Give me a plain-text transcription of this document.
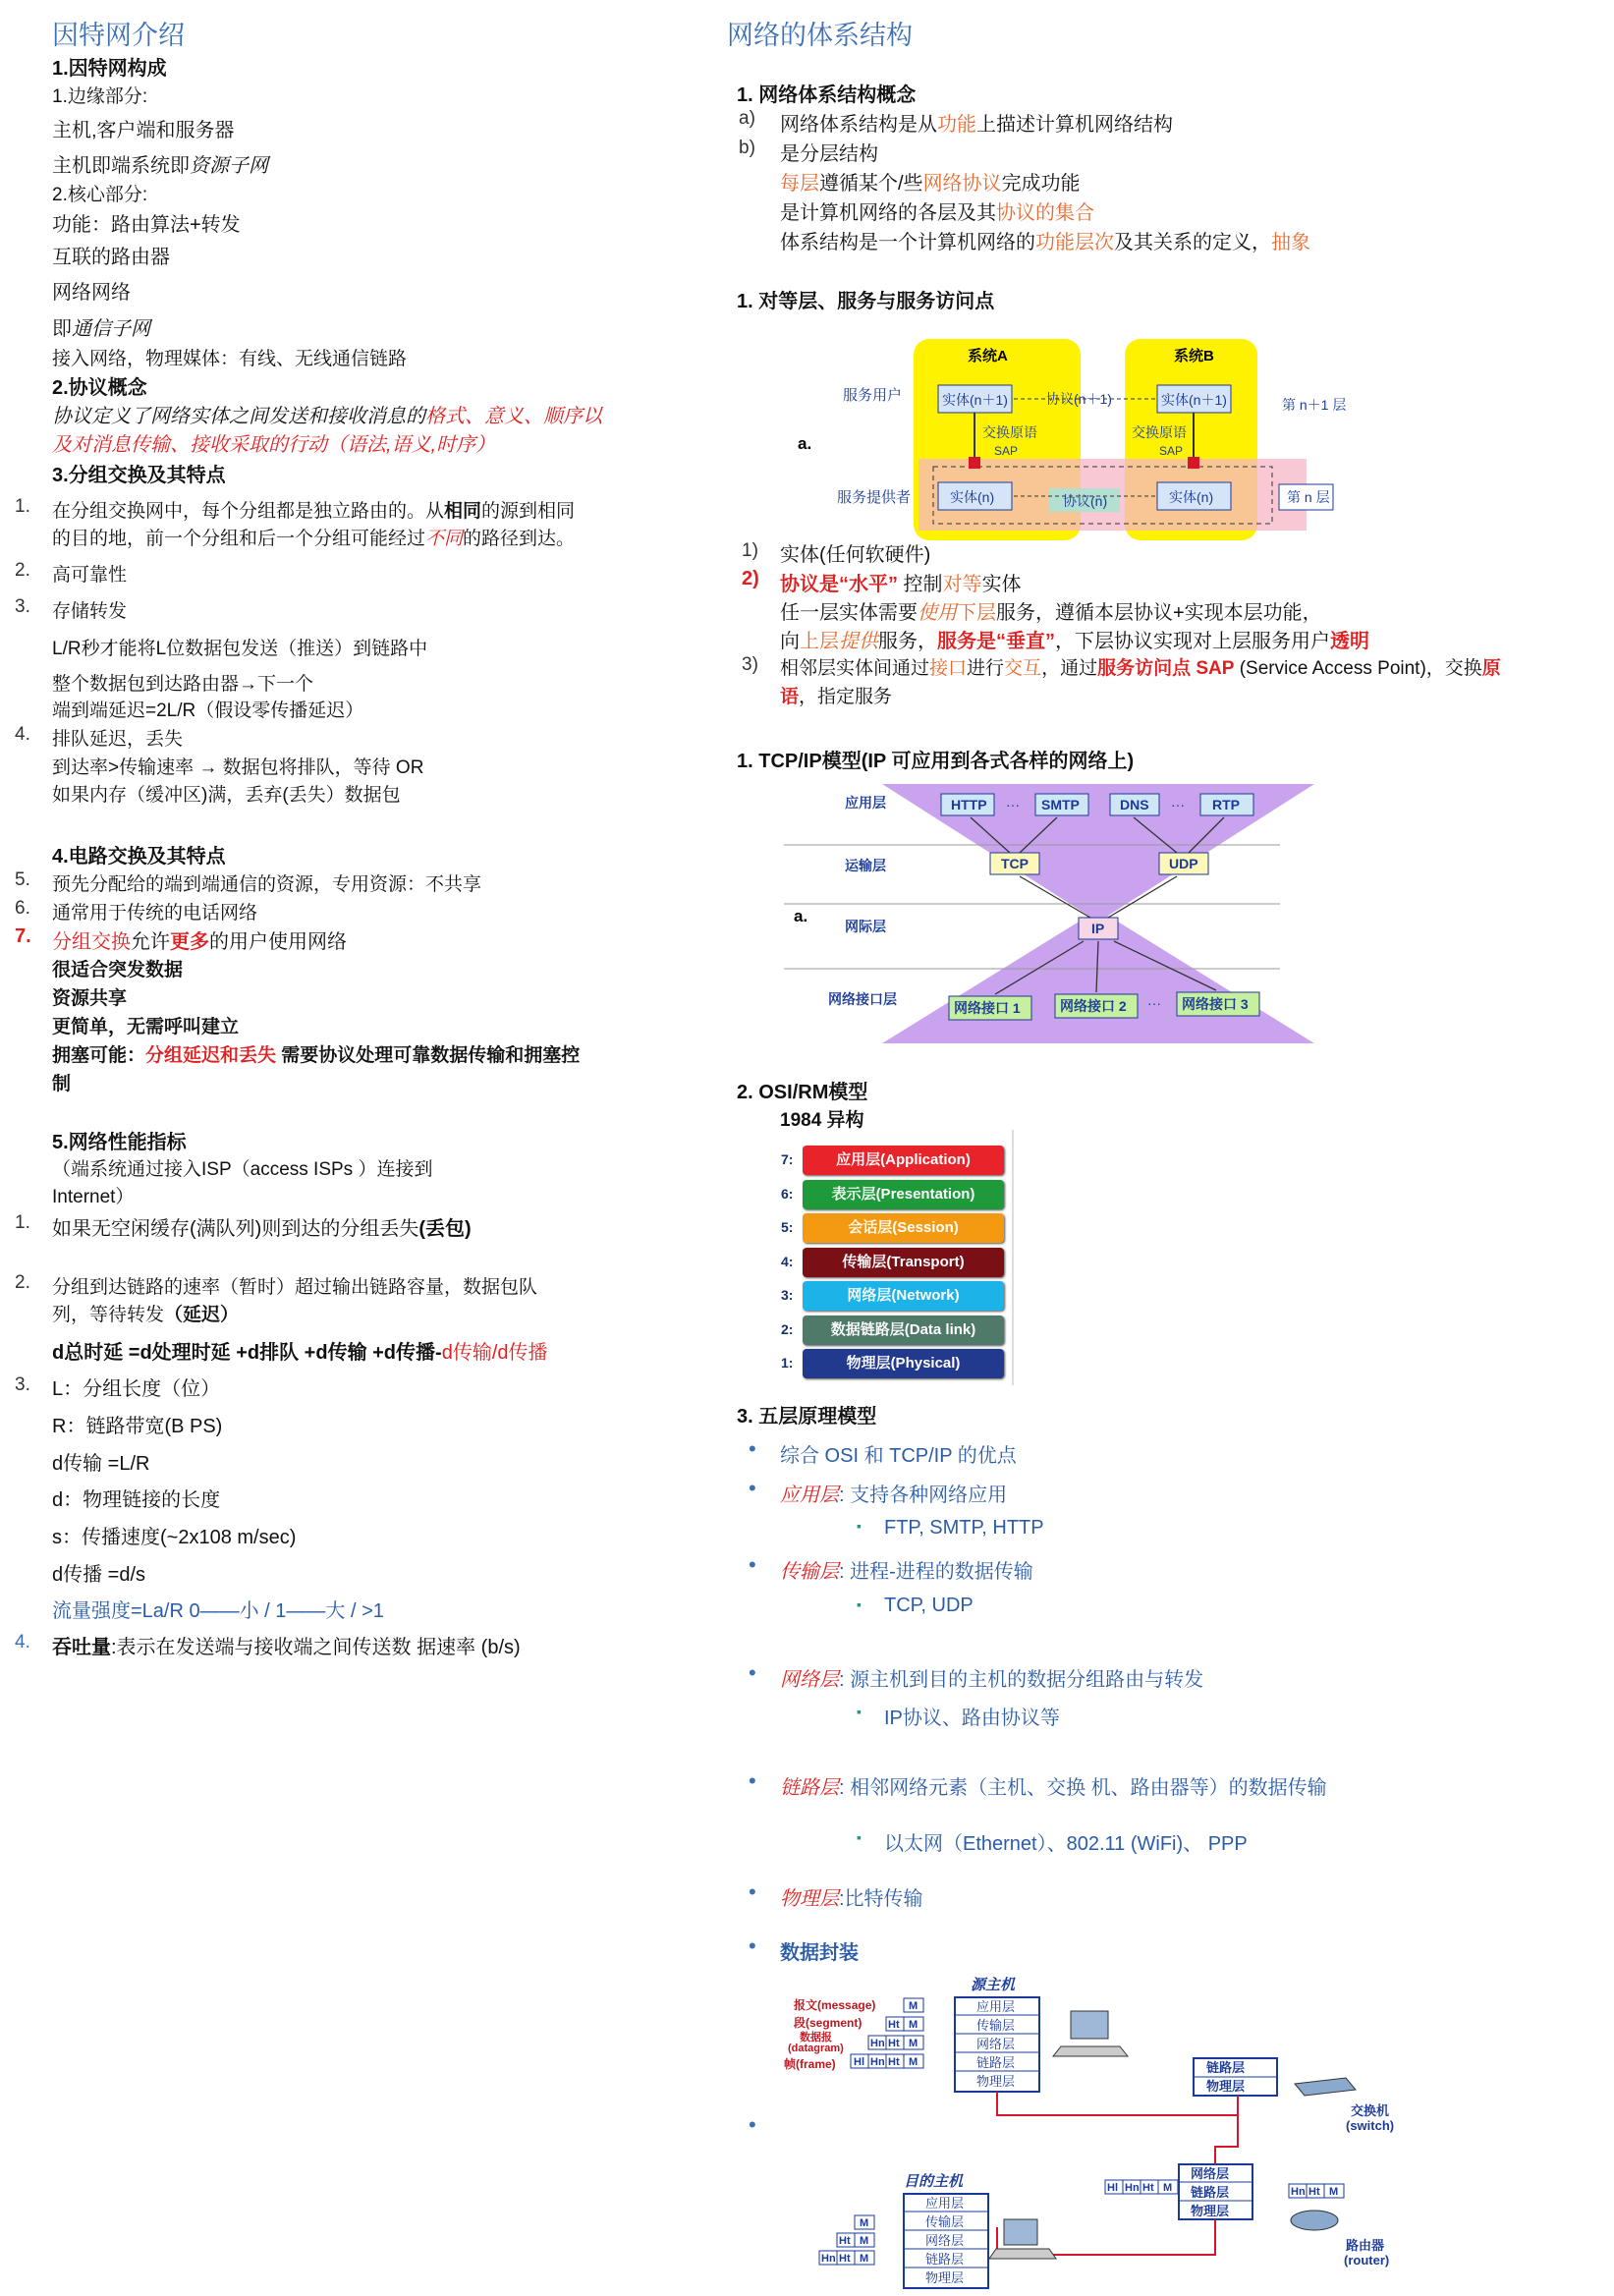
因特网介绍
1.因特网构成
1.边缘部分:
主机,客户端和服务器
主机即端系统即资源子网
2.核心部分:
功能：路由算法+转发
互联的路由器
网络网络
即通信子网
接入网络，物理媒体：有线、无线通信链路
2.协议概念
协议定义了网络实体之间发送和接收消息的格式、意义、顺序以
及对消息传输、接收采取的行动（语法,语义,时序）
3.分组交换及其特点
1. 在分组交换网中，每个分组都是独立路由的。从相同的源到相同
的目的地，前一个分组和后一个分组可能经过不同的路径到达。
2. 高可靠性
3. 存储转发
L/R秒才能将L位数据包发送（推送）到链路中
整个数据包到达路由器→下一个
端到端延迟=2L/R（假设零传播延迟）
4. 排队延迟，丢失
到达率>传输速率 → 数据包将排队，等待 OR
如果内存（缓冲区)满，丢弃(丢失）数据包
4.电路交换及其特点
5. 预先分配给的端到端通信的资源，专用资源：不共享
6. 通常用于传统的电话网络
7. 分组交换允许更多的用户使用网络
很适合突发数据
资源共享
更简单，无需呼叫建立
拥塞可能：分组延迟和丢失 需要协议处理可靠数据传输和拥塞控
制
5.网络性能指标
（端系统通过接入ISP（access ISPs ）连接到
Internet）
1. 如果无空闲缓存(满队列)则到达的分组丢失(丢包)
2. 分组到达链路的速率（暂时）超过输出链路容量，数据包队
列，等待转发（延迟）
d总时延 =d处理时延 +d排队 +d传输 +d传播-d传输/d传播
3. L：分组长度（位）
R：链路带宽(B PS)
d传输 =L/R
d：物理链接的长度
s：传播速度(~2x108 m/sec)
d传播 =d/s
流量强度=La/R 0——小 / 1——大 / >1
4. 吞吐量:表示在发送端与接收端之间传送数 据速率 (b/s)
网络的体系结构
1. 网络体系结构概念
a) 网络体系结构是从功能上描述计算机网络结构
b) 是分层结构
每层遵循某个/些网络协议完成功能
是计算机网络的各层及其协议的集合
体系结构是一个计算机网络的功能层次及其关系的定义，抽象
1. 对等层、服务与服务访问点
系统A	系统B
服务用户
服务提供者
a.
实体(n＋1)	实体(n＋1)
协议(n＋1)	第 n＋1 层
交换原语
SAP
交换原语
SAP
实体(n)	实体(n)
协议(n)	第 n 层
1) 实体(任何软硬件)
2) 协议是“水平” 控制对等实体
任一层实体需要使用下层服务，遵循本层协议+实现本层功能，
向上层提供服务，服务是“垂直”，下层协议实现对上层服务用户透明
3) 相邻层实体间通过接口进行交互，通过服务访问点 SAP (Service Access Point)，交换原
语，指定服务
1. TCP/IP模型(IP 可应用到各式各样的网络上)
应用层
运输层
网际层
网络接口层
a.
HTTP ··· SMTP	DNS ··· RTP
TCP	UDP
IP
网络接口 1	网络接口 2 ··· 网络接口 3
2. OSI/RM模型
1984 异构
7:	应用层(Application)
6:	表示层(Presentation)
5:	会话层(Session)
4:	传输层(Transport)
3:	网络层(Network)
2:	数据链路层(Data link)
1:	物理层(Physical)
3. 五层原理模型
• 综合 OSI 和 TCP/IP 的优点
• 应用层: 支持各种网络应用
▪ FTP, SMTP, HTTP
• 传输层: 进程-进程的数据传输
▪ TCP, UDP
• 网络层: 源主机到目的主机的数据分组路由与转发
▪ IP协议、路由协议等
• 链路层: 相邻网络元素（主机、交换 机、路由器等）的数据传输
▪ 以太网（Ethernet）、802.11 (WiFi)、 PPP
• 物理层:比特传输
• 数据封装
•
源主机
应用层
传输层
网络层
链路层
物理层
报文(message)
段(segment)
数据报
(datagram)
帧(frame)
M
M
Ht
M
Ht
Hn
M
Ht
Hn
Hl	链路层
物理层
交换机
(switch)
网络层
链路层
物理层
Hl Hn Ht M	Hn Ht M
路由器
(router)
目的主机
应用层
传输层
网络层
链路层
物理层
M
M
Ht
M
Ht
Hn
